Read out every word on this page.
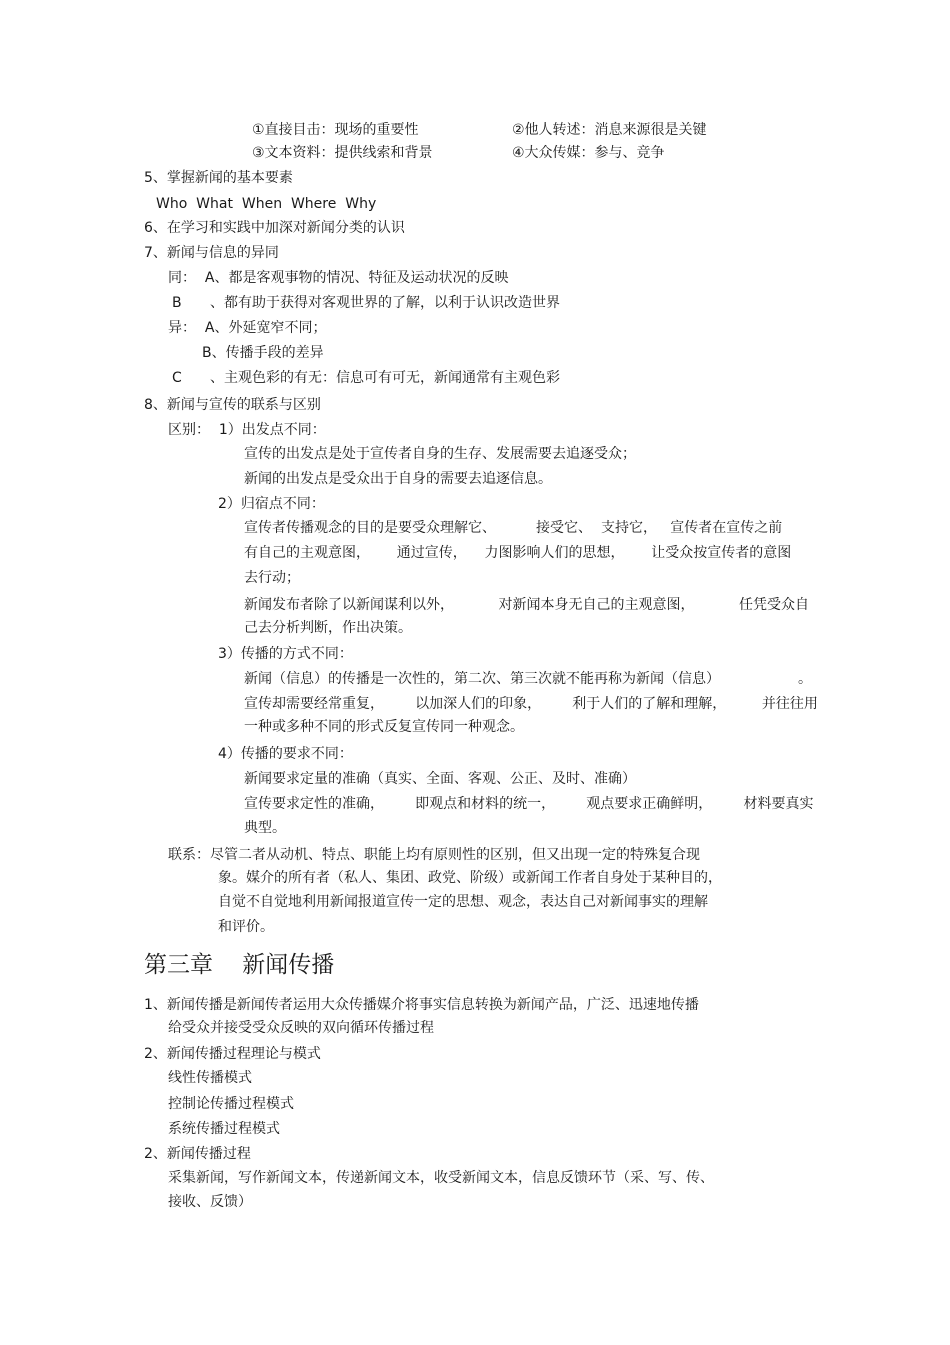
①直接目击：现场的重要性	②他人转述：消息来源很是关键
③文本资料：提供线索和背景	④大众传媒：参与、竞争
5、掌握新闻的基本要素
Who  What  When  Where  Why
6、在学习和实践中加深对新闻分类的认识
7、新闻与信息的异同
同：  A、都是客观事物的情况、特征及运动状况的反映
B 、都有助于获得对客观世界的了解，以利于认识改造世界
异：  A、外延宽窄不同；
B、传播手段的差异
C 、主观色彩的有无：信息可有可无，新闻通常有主观色彩
8、新闻与宣传的联系与区别
区别：  1）出发点不同：
宣传的出发点是处于宣传者自身的生存、发展需要去追逐受众；
新闻的出发点是受众出于自身的需要去追逐信息。
2）归宿点不同：
宣传者传播观念的目的是要受众理解它、         接受它、  支持它，   宣传者在宣传之前
有自己的主观意图，      通过宣传，    力图影响人们的思想，      让受众按宣传者的意图
去行动；
新闻发布者除了以新闻谋利以外，          对新闻本身无自己的主观意图，          任凭受众自
己去分析判断，作出决策。
3）传播的方式不同：
新闻（信息）的传播是一次性的，第二次、第三次就不能再称为新闻（信息）	。
宣传却需要经常重复，       以加深人们的印象，       利于人们的了解和理解，        并往往用
一种或多种不同的形式反复宣传同一种观念。
4）传播的要求不同：
新闻要求定量的准确（真实、全面、客观、公正、及时、准确）
宣传要求定性的准确，       即观点和材料的统一，       观点要求正确鲜明，       材料要真实
典型。
联系：尽管二者从动机、特点、职能上均有原则性的区别，但又出现一定的特殊复合现
象。媒介的所有者（私人、集团、政党、阶级）或新闻工作者自身处于某种目的，
自觉不自觉地利用新闻报道宣传一定的思想、观念，表达自己对新闻事实的理解
和评价。
第三章    新闻传播
1、新闻传播是新闻传者运用大众传播媒介将事实信息转换为新闻产品，广泛、迅速地传播
给受众并接受受众反映的双向循环传播过程
2、新闻传播过程理论与模式
线性传播模式
控制论传播过程模式
系统传播过程模式
2、新闻传播过程
采集新闻，写作新闻文本，传递新闻文本，收受新闻文本，信息反馈环节（采、写、传、
接收、反馈）
